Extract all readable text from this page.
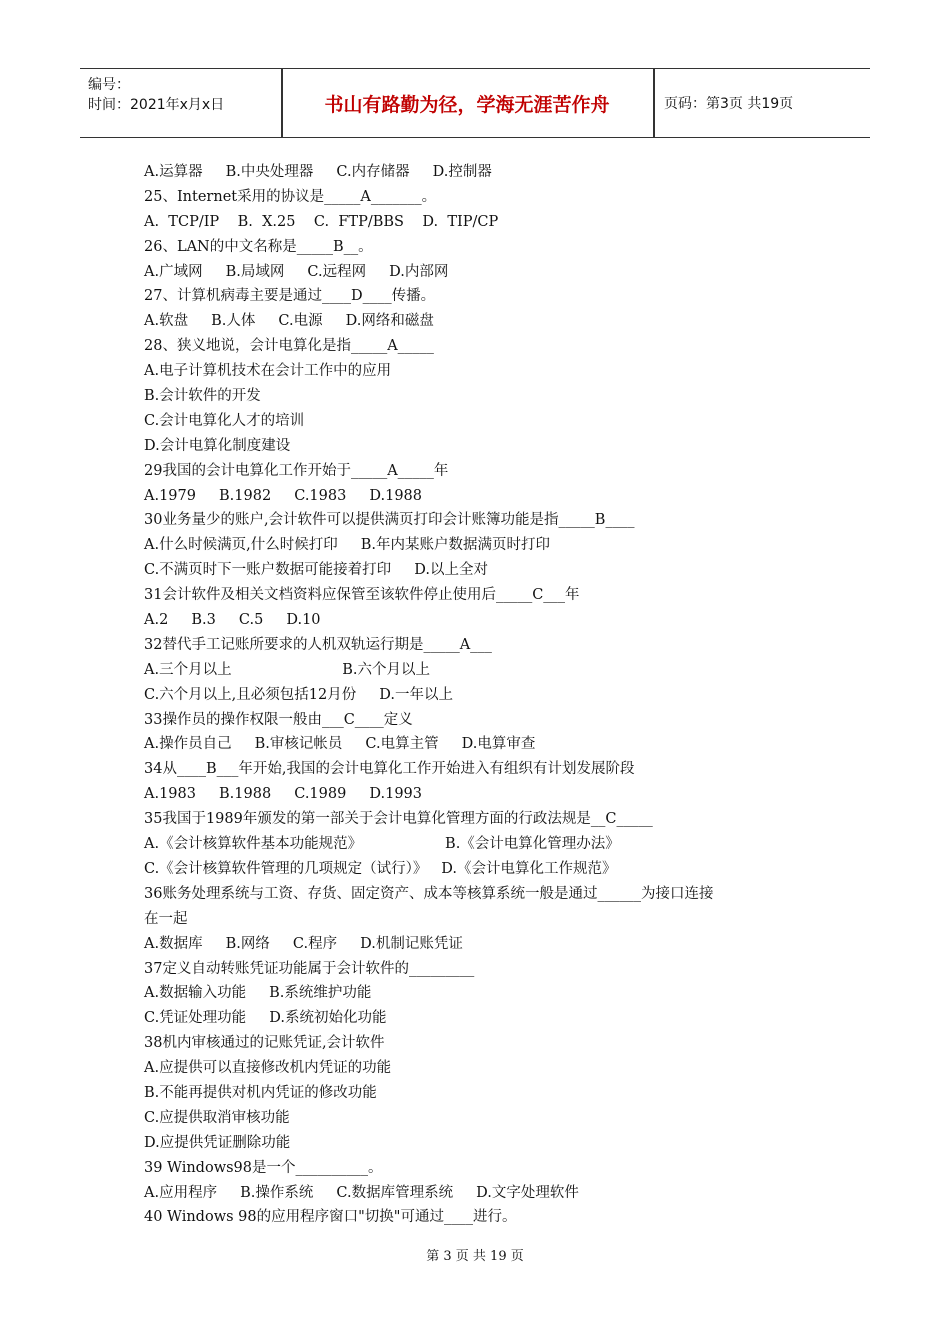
编号：
时间：2021年x月x日	书山有路勤为径，学海无涯苦作舟	页码：第3页 共19页
A.运算器     B.中央处理器     C.内存储器     D.控制器
25、Internet采用的协议是_____A_______。
A.  TCP/IP    B.  X.25    C.  FTP/BBS    D.  TIP/CP
26、LAN的中文名称是_____B__。
A.广域网     B.局域网     C.远程网     D.内部网
27、计算机病毒主要是通过____D____传播。
A.软盘     B.人体     C.电源     D.网络和磁盘
28、狭义地说，会计电算化是指_____A_____
A.电子计算机技术在会计工作中的应用
B.会计软件的开发
C.会计电算化人才的培训
D.会计电算化制度建设
29我国的会计电算化工作开始于_____A_____年
A.1979     B.1982     C.1983     D.1988
30业务量少的账户,会计软件可以提供满页打印会计账簿功能是指_____B____
A.什么时候满页,什么时候打印     B.年内某账户数据满页时打印
C.不满页时下一账户数据可能接着打印     D.以上全对
31会计软件及相关文档资料应保管至该软件停止使用后_____C___年
A.2     B.3     C.5     D.10
32替代手工记账所要求的人机双轨运行期是_____A___
A.三个月以上                        B.六个月以上
C.六个月以上,且必须包括12月份     D.一年以上
33操作员的操作权限一般由___C____定义
A.操作员自己     B.审核记帐员     C.电算主管     D.电算审查
34从____B___年开始,我国的会计电算化工作开始进入有组织有计划发展阶段
A.1983     B.1988     C.1989     D.1993
35我国于1989年颁发的第一部关于会计电算化管理方面的行政法规是__C_____
A.《会计核算软件基本功能规范》                  B.《会计电算化管理办法》
C.《会计核算软件管理的几项规定（试行）》   D.《会计电算化工作规范》
36账务处理系统与工资、存货、固定资产、成本等核算系统一般是通过______为接口连接
在一起
A.数据库     B.网络     C.程序     D.机制记账凭证
37定义自动转账凭证功能属于会计软件的_________
A.数据输入功能     B.系统维护功能
C.凭证处理功能     D.系统初始化功能
38机内审核通过的记账凭证,会计软件
A.应提供可以直接修改机内凭证的功能
B.不能再提供对机内凭证的修改功能
C.应提供取消审核功能
D.应提供凭证删除功能
39 Windows98是一个__________。
A.应用程序     B.操作系统     C.数据库管理系统     D.文字处理软件
40 Windows 98的应用程序窗口"切换"可通过____进行。
第 3 页 共 19 页
